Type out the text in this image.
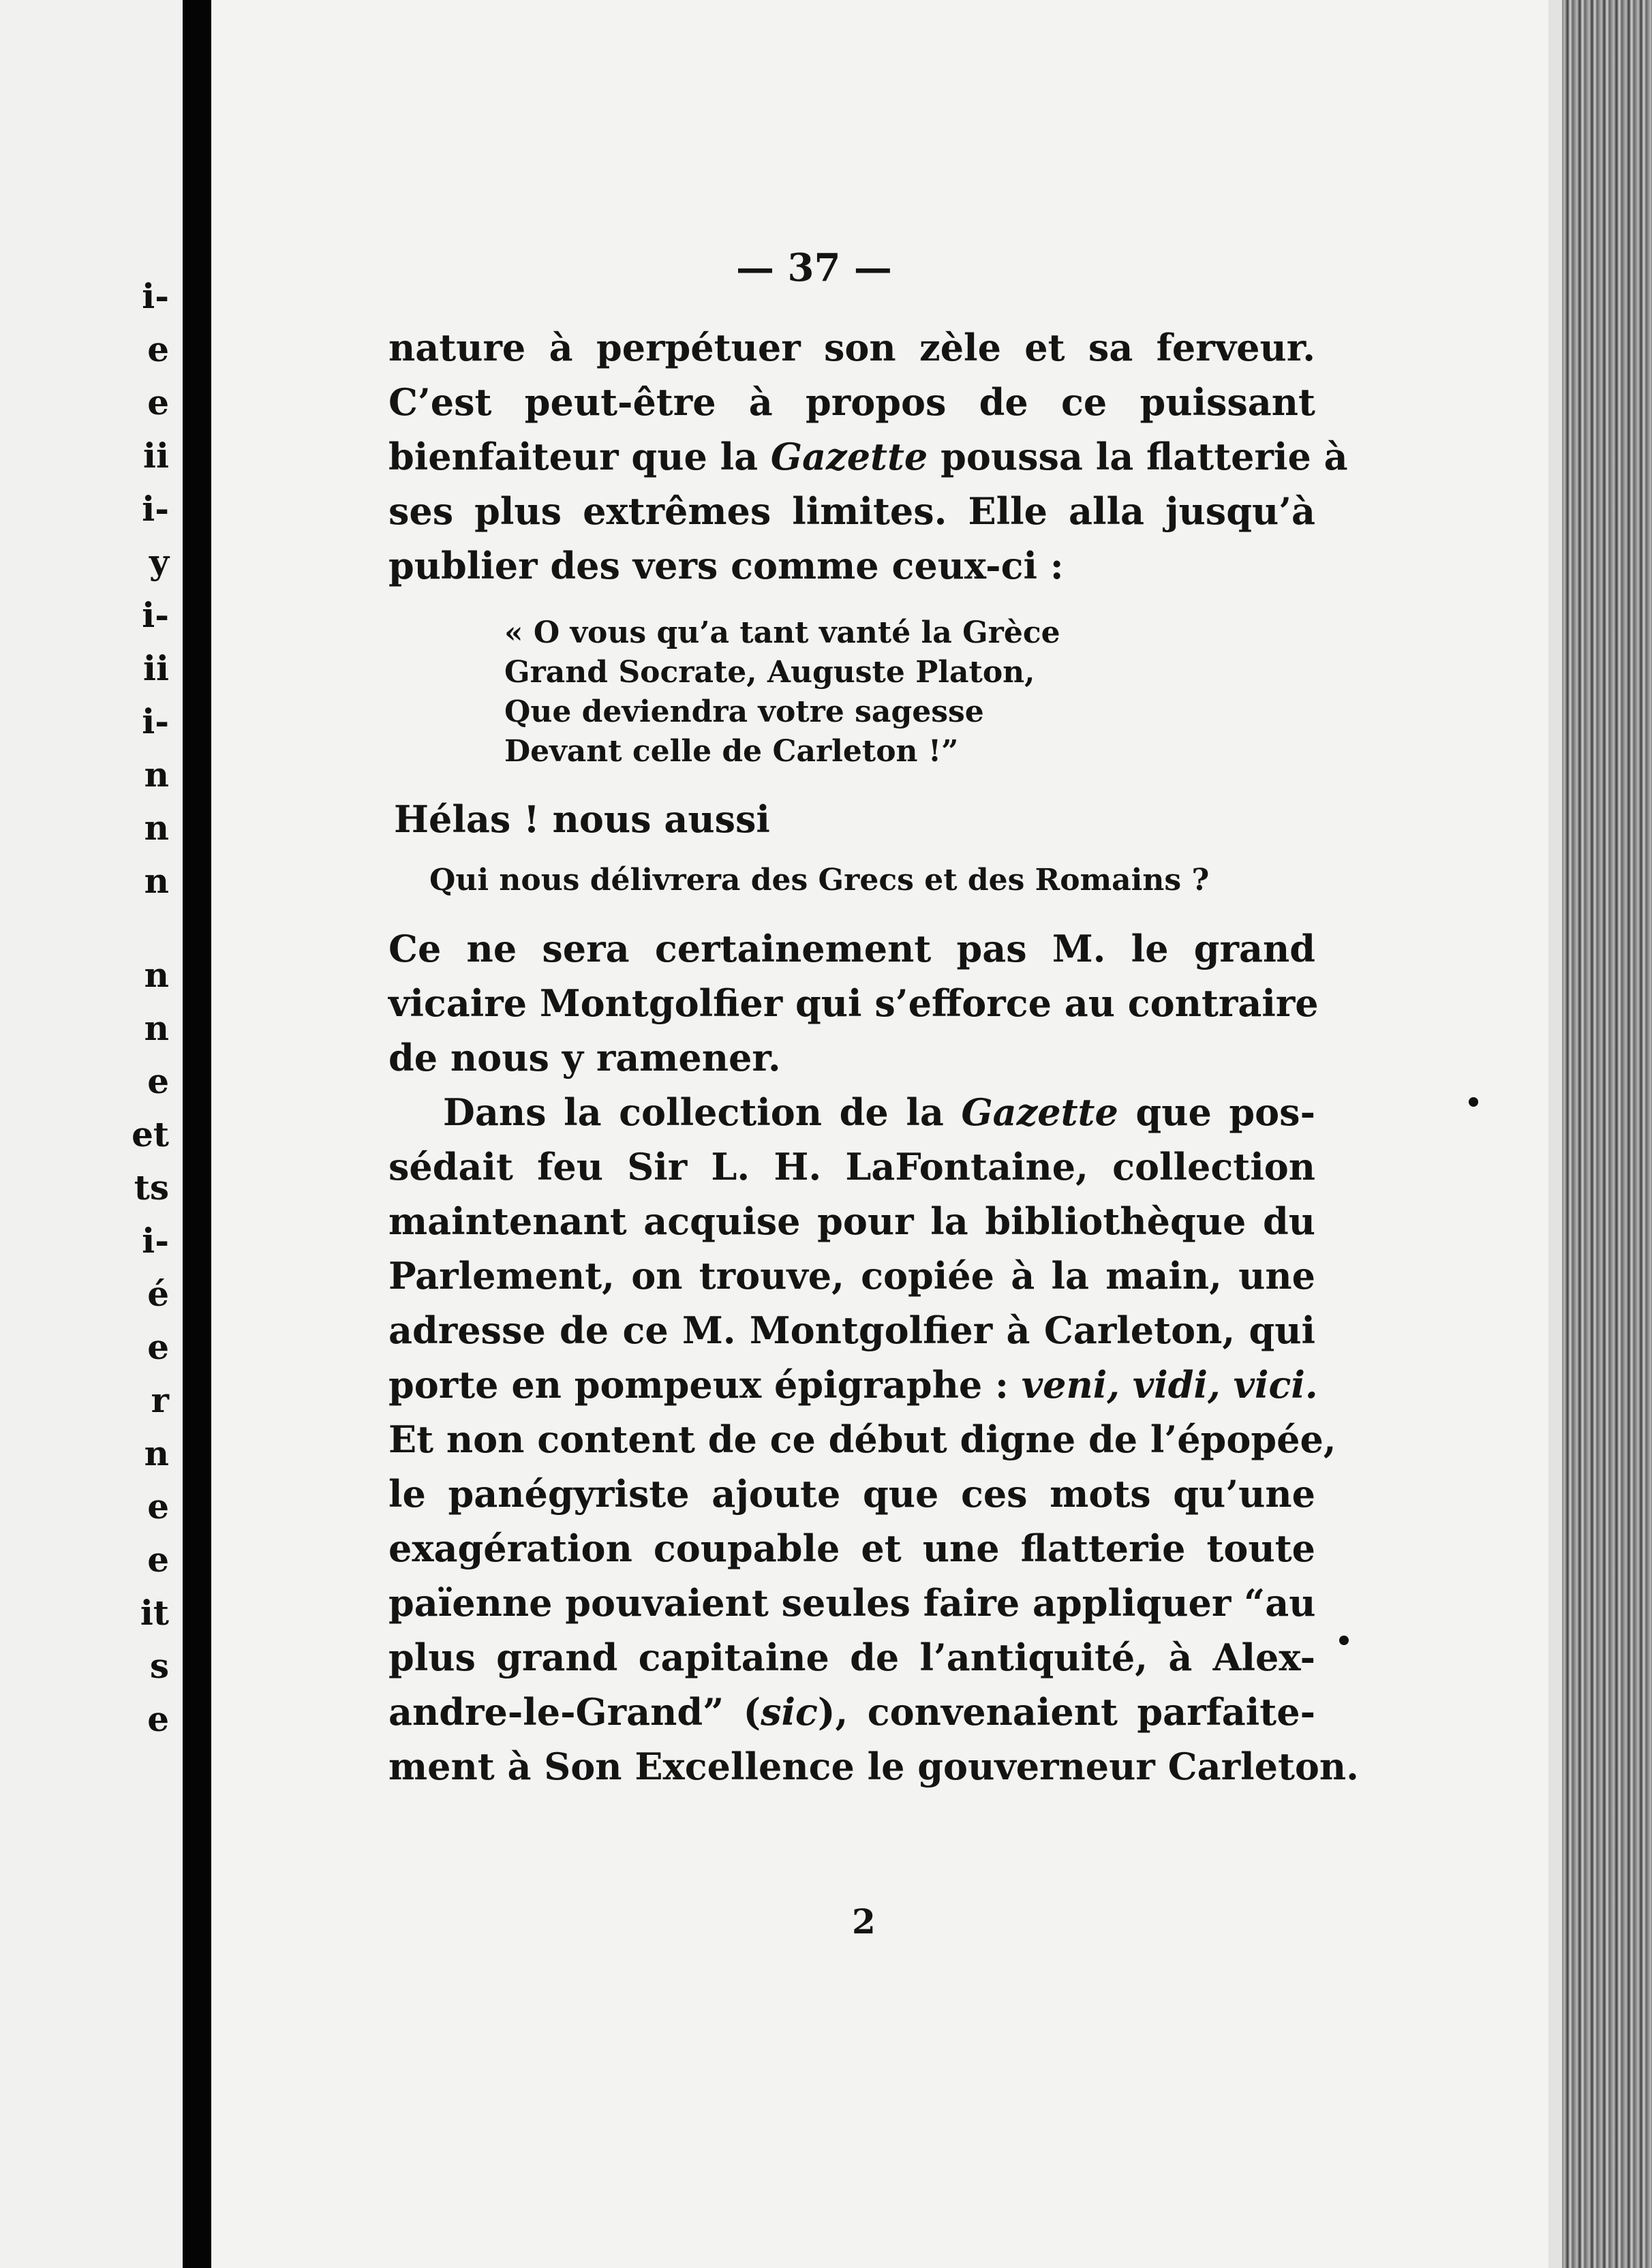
i-
e
e
ii
i-
y
i-
ii
i-
n
n
n
n
n
e
et
ts
i-
é
e
r
n
e
e
it
s
e
— 37 —

nature à perpétuer son zèle et sa ferveur.
C’est peut-être à propos de ce puissant
bienfaiteur que la Gazette poussa la flatterie à
ses plus extrêmes limites. Elle alla jusqu’à
publier des vers comme ceux-ci :

« O vous qu’a tant vanté la Grèce
Grand Socrate, Auguste Platon,
Que deviendra votre sagesse
Devant celle de Carleton !”
Hélas ! nous aussi
Qui nous délivrera des Grecs et des Romains ?

Ce ne sera certainement pas M. le grand
vicaire Montgolfier qui s’efforce au contraire
de nous y ramener.

Dans la collection de la Gazette que pos-
sédait feu Sir L. H. LaFontaine, collection
maintenant acquise pour la bibliothèque du
Parlement, on trouve, copiée à la main, une
adresse de ce M. Montgolfier à Carleton, qui
porte en pompeux épigraphe : veni, vidi, vici.
Et non content de ce début digne de l’épopée,
le panégyriste ajoute que ces mots qu’une
exagération coupable et une flatterie toute
païenne pouvaient seules faire appliquer “au
plus grand capitaine de l’antiquité, à Alex-
andre-le-Grand” (sic), convenaient parfaite-
ment à Son Excellence le gouverneur Carleton.

2
